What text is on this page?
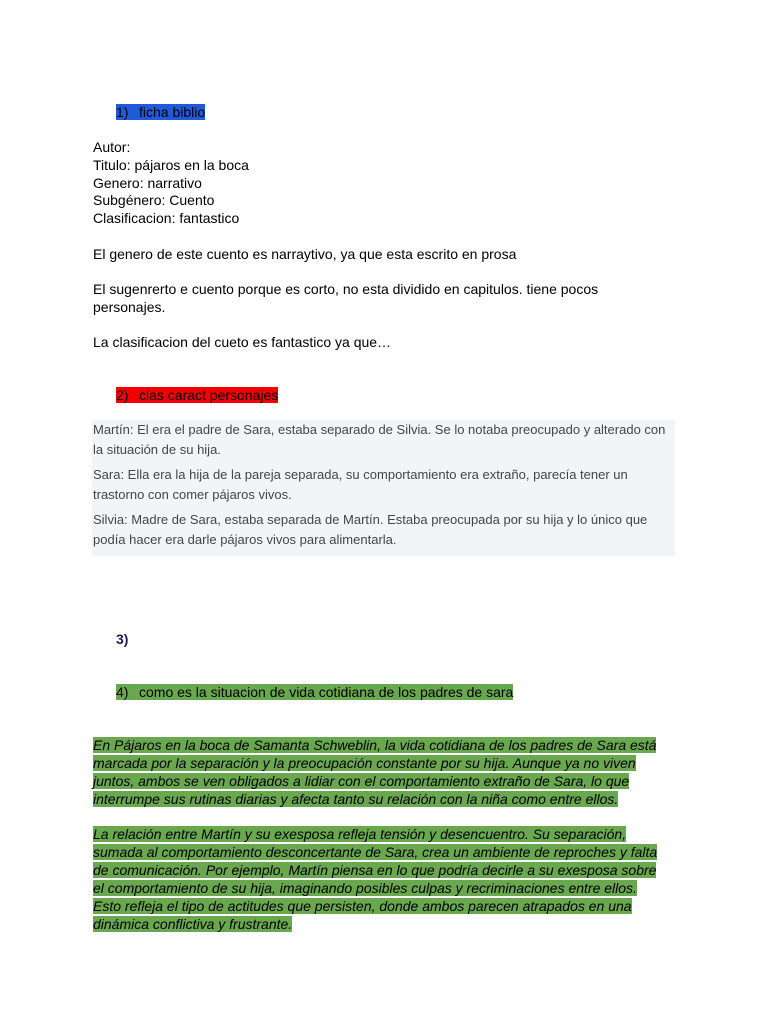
1) ficha biblio
Autor:
Titulo: pájaros en la boca
Genero: narrativo
Subgénero: Cuento
Clasificacion: fantastico
El genero de este cuento es narraytivo, ya que esta escrito en prosa
El sugenrerto e cuento porque es corto, no esta dividido en capitulos. tiene pocos personajes.
La clasificacion del cueto es fantastico ya que…
2) clas caract personajes

Martín: El era el padre de Sara, estaba separado de Silvia. Se lo notaba preocupado y alterado con la situación de su hija.

Sara: Ella era la hija de la pareja separada, su comportamiento era extraño, parecía tener un trastorno con comer pájaros vivos.

Silvia: Madre de Sara, estaba separada de Martín. Estaba preocupada por su hija y lo único que podía hacer era darle pájaros vivos para alimentarla.

3)
4) como es la situacion de vida cotidiana de los padres de sara

En Pájaros en la boca de Samanta Schweblin, la vida cotidiana de los padres de Sara está

marcada por la separación y la preocupación constante por su hija. Aunque ya no viven

juntos, ambos se ven obligados a lidiar con el comportamiento extraño de Sara, lo que

interrumpe sus rutinas diarias y afecta tanto su relación con la niña como entre ellos.

La relación entre Martín y su exesposa refleja tensión y desencuentro. Su separación,

sumada al comportamiento desconcertante de Sara, crea un ambiente de reproches y falta

de comunicación. Por ejemplo, Martín piensa en lo que podría decirle a su exesposa sobre

el comportamiento de su hija, imaginando posibles culpas y recriminaciones entre ellos.

Esto refleja el tipo de actitudes que persisten, donde ambos parecen atrapados en una

dinámica conflictiva y frustrante.
